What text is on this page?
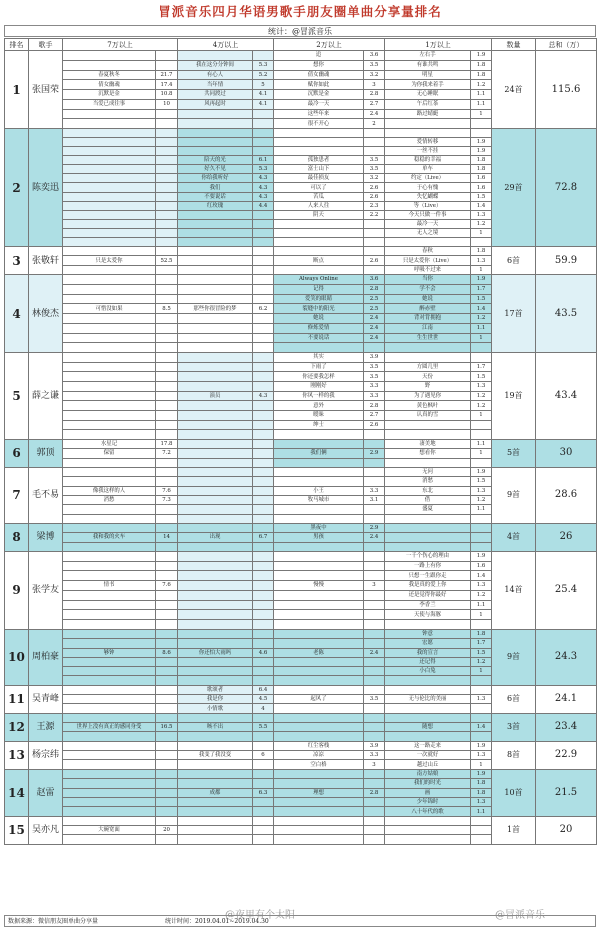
冒派音乐四月华语男歌手朋友圈单曲分享量排名
统计：@冒派音乐
排名	歌手	7万以上		4万以上		2万以上		1万以上		数量	总和（万）
1	张国荣					追	3.6	左右手	1.9	24首	115.6
				我在这分分钟间	5.3	想你	3.5	有谁共鸣	1.8		
		春夏秋冬	21.7	有心人	5.2	倩女幽魂	3.2	明星	1.8		
		倩女幽魂	17.4	当年情	5	赋你如此	3	为你我来着手	1.2		
		沉默是金	10.8	共同渡过	4.1	沉默是金	2.8	无心睡眠	1.1		
		当爱已成往事	10	风再起时	4.1	最冷一天	2.7	午后红茶	1.1		
						这些年来	2.4	路过蜻蜓	1		
						很不开心	2				
2	陈奕迅									29首	72.8
								爱情转移	1.9		
								一丝不挂	1.9		
				陪天的光	6.1	孤独患者	3.5	稳稳的幸福	1.8		
				好久不见	5.3	富士山下	3.5	单车	1.8		
				你给我听好	4.3	最佳损友	3.2	约定（Live）	1.6		
				我们	4.3	可以了	2.6	于心有愧	1.6		
				不要说话	4.3	苦瓜	2.6	失忆蝴蝶	1.5		
				红玫瑰	4.4	人来人往	2.3	等（Live）	1.4		
						阴天	2.2	今天只做一件事	1.3		
								最冷一天	1.2		
								无人之境	1		

3	张敬轩							春秋	1.8	6首	59.9
		只是太爱你	52.5			断点	2.6	只是太爱你（Live）	1.3		
								呼吸不过来	1		
4	林俊杰					Always Online	3.6	当你	1.9	17首	43.5
						记得	2.8	学不会	1.7		
						爱笑的眼睛	2.5	她说	1.5		
		可惜没如果	8.5	那些你很冒险的梦	6.2	裂缝中的阳光	2.5	醉赤壁	1.4		
						她说	2.4	背对背拥抱	1.2		
						修炼爱情	2.4	江南	1.1		
						不要说话	2.4	生生世世	1		

5	薛之谦					其实	3.9			19首	43.4
						下雨了	3.5	方圆几里	1.7		
						你还要我怎样	3.5	天份	1.5		
						刚刚好	3.3	野	1.3		
				演员	4.3	你风一样的我	3.3	为了遇见你	1.2		
						意外	2.8	黄色枫叶	1.2		
						暧昧	2.7	认真的雪	1		
						绅士	2.6				

6	郭顶	水星记	17.8					凄美地	1.1	5首	30
		保留	7.2			我们俩	2.9	想看你	1		

7	毛不易							无问	1.9	9首	28.6
								消愁	1.5		
		像我这样的人	7.6			小王	3.3	东北	1.3		
		消愁	7.3			牧马城市	3.1	借	1.2		
								盛夏	1.1		

8	梁博					黑夜中	2.9			4首	26
		我和我的火车	14	出现	6.7	男孩	2.4				

9	张学友							一千个伤心的理由	1.9	14首	25.4
								一路上有你	1.6		
								只想一生跟你走	1.4		
		情书	7.6			慢慢	3	我是真的爱上你	1.3		
								还是觉得你最好	1.2		
								李香兰	1.1		
								天使与海豚	1		

10	周柏豪							钟意	1.8	9首	24.3
								宏愿	1.7		
		够钟	8.6	你还怕大雨吗	4.6	老陈	2.4	我的宣言	1.5		
								还记得	1.2		
								小白兔	1		

11	吴青峰			歌颂者	6.4					6首	24.1
				我是你	4.5	起风了	3.5	无与伦比的美丽	1.3		
				小情歌	4						
12	王源									3首	23.4
		世界上没有真正的感同身受	16.5	咳不出	5.5			随想	1.4		

13	杨宗纬					红尘客栈	3.9	这一路走来	1.9	8首	22.9
				我变了我没变	6	凉凉	3.3	一次就好	1.3		
						空白格	3	越过山丘	1		
14	赵雷							南方姑娘	1.9	10首	21.5
								我们的时光	1.8		
				成都	6.3	理想	2.8	画	1.8		
								少年锦时	1.3		
								八十年代的歌	1.1		
15	吴亦凡									1首	20
		大碗宽面	20								

数据来源：微信朋友圈单曲分享量	统计时间：2019.04.01~2019.04.30
@夜里有个太阳	@冒派音乐
